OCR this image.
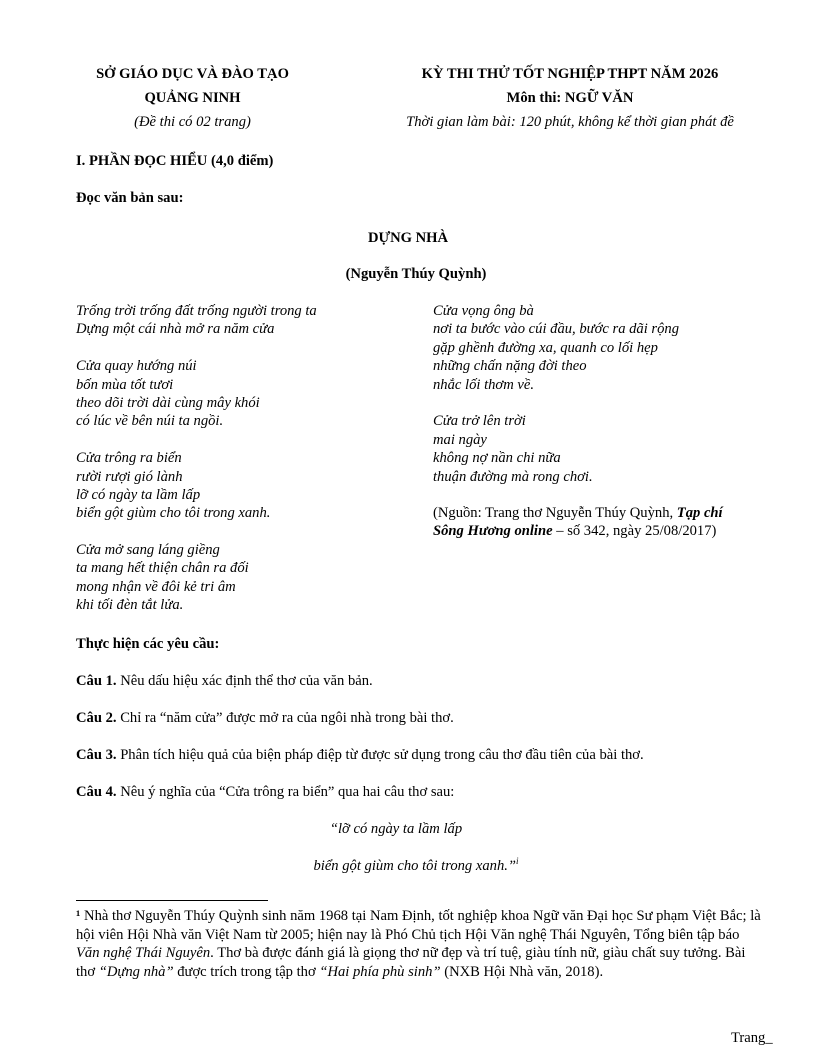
SỞ GIÁO DỤC VÀ ĐÀO TẠO
QUẢNG NINH
(Đề thi có 02 trang)
KỲ THI THỬ TỐT NGHIỆP THPT NĂM 2026
Môn thi: NGỮ VĂN
Thời gian làm bài: 120 phút, không kể thời gian phát đề
I. PHẦN ĐỌC HIỂU (4,0 điểm)
Đọc văn bản sau:
DỰNG NHÀ
(Nguyễn Thúy Quỳnh)
Trống trời trống đất trống người trong ta
Dựng một cái nhà mở ra năm cửa
Cửa quay hướng núi
bốn mùa tốt tươi
theo dõi trời dài cùng mây khói
có lúc về bên núi ta ngồi.
Cửa trông ra biển
rười rượi gió lành
lỡ có ngày ta lầm lấp
biển gột giùm cho tôi trong xanh.
Cửa mở sang láng giềng
ta mang hết thiện chân ra đối
mong nhận về đôi kẻ tri âm
khi tối đèn tắt lửa.
Cửa vọng ông bà
nơi ta bước vào cúi đầu, bước ra dãi rộng
gặp ghềnh đường xa, quanh co lối hẹp
những chấn nặng đời theo
nhắc lối thơm về.
Cửa trở lên trời
mai ngày
không nợ nần chi nữa
thuận đường mà rong chơi.
(Nguồn: Trang thơ Nguyễn Thúy Quỳnh, Tạp chí
Sông Hương online – số 342, ngày 25/08/2017)
Thực hiện các yêu cầu:
Câu 1. Nêu dấu hiệu xác định thể thơ của văn bản.
Câu 2. Chỉ ra “năm cửa” được mở ra của ngôi nhà trong bài thơ.
Câu 3. Phân tích hiệu quả của biện pháp điệp từ được sử dụng trong câu thơ đầu tiên của bài thơ.
Câu 4. Nêu ý nghĩa của “Cửa trông ra biển” qua hai câu thơ sau:
“lỡ có ngày ta lầm lấp
biển gột giùm cho tôi trong xanh.”$^i$
¹ Nhà thơ Nguyễn Thúy Quỳnh sinh năm 1968 tại Nam Định, tốt nghiệp khoa Ngữ văn Đại học Sư phạm Việt Bắc; là hội viên Hội Nhà văn Việt Nam từ 2005; hiện nay là Phó Chủ tịch Hội Văn nghệ Thái Nguyên, Tổng biên tập báo Văn nghệ Thái Nguyên. Thơ bà được đánh giá là giọng thơ nữ đẹp và trí tuệ, giàu tính nữ, giàu chất suy tưởng. Bài thơ “Dựng nhà” được trích trong tập thơ “Hai phía phù sinh” (NXB Hội Nhà văn, 2018).
Trang_
